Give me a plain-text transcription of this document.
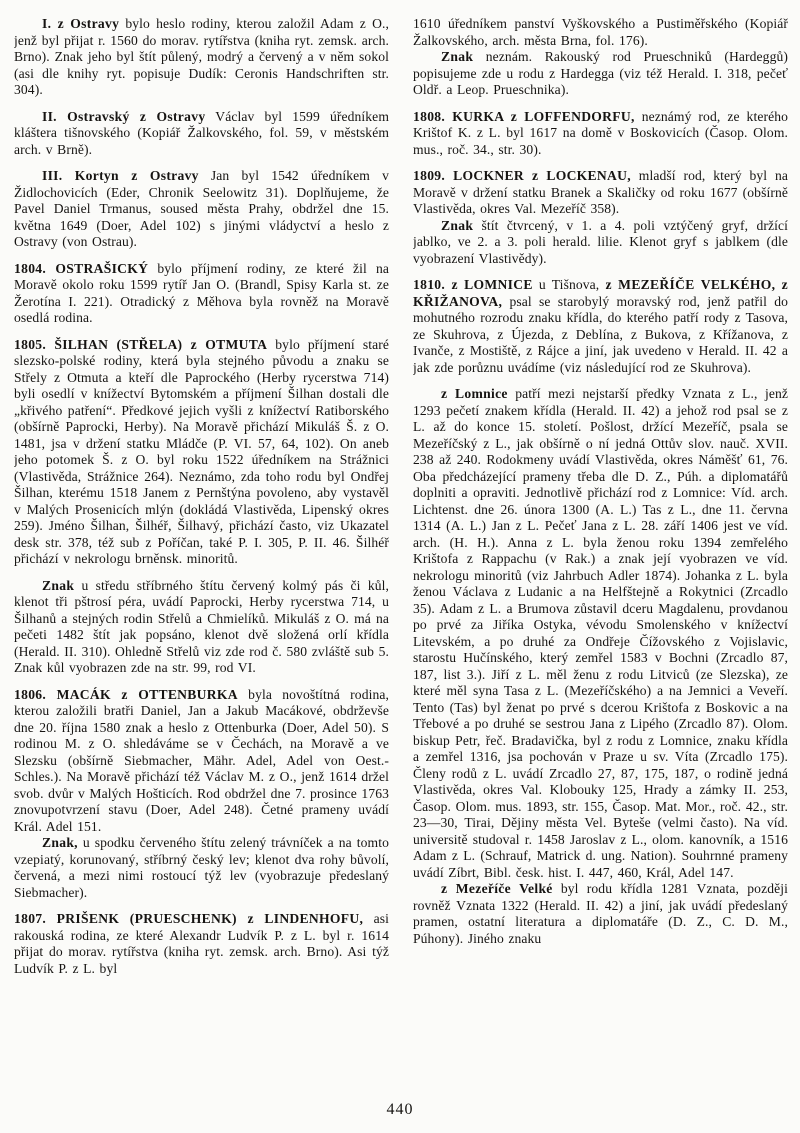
I. z Ostravy bylo heslo rodiny, kterou založil Adam z O., jenž byl přijat r. 1560 do morav. rytířstva (kniha ryt. zemsk. arch. Brno). Znak jeho byl štít půlený, modrý a červený a v něm sokol (asi dle knihy ryt. popisuje Dudík: Ceronis Handschriften str. 304).

II. Ostravský z Ostravy Václav byl 1599 úředníkem kláštera tišnovského (Kopiář Žalkovského, fol. 59, v městském arch. v Brně).

III. Kortyn z Ostravy Jan byl 1542 úředníkem v Židlochovicích (Eder, Chronik Seelowitz 31). Doplňujeme, že Pavel Daniel Trmanus, soused města Prahy, obdržel dne 15. května 1649 (Doer, Adel 102) s jinými vládyctví a heslo z Ostravy (von Ostrau).

1804. OSTRAŠICKÝ bylo příjmení rodiny, ze které žil na Moravě okolo roku 1599 rytíř Jan O. (Brandl, Spisy Karla st. ze Žerotína I. 221). Otradický z Měhova byla rovněž na Moravě osedlá rodina.

1805. ŠILHAN (STŘELA) z OTMUTA bylo příjmení staré slezsko-polské rodiny, která byla stejného původu a znaku se Střely z Otmuta a kteří dle Paprockého (Herby rycerstwa 714) byli osedlí v knížectví Bytomském a příjmení Šilhan dostali dle „křivého patření“. Předkové jejich vyšli z knížectví Ratiborského (obšírně Paprocki, Herby). Na Moravě přichází Mikuláš Š. z O. 1481, jsa v držení statku Mládče (P. VI. 57, 64, 102). On aneb jeho potomek Š. z O. byl roku 1522 úředníkem na Strážnici (Vlastivěda, Strážnice 264). Neznámo, zda toho rodu byl Ondřej Šilhan, kterému 1518 Janem z Pernštýna povoleno, aby vystavěl v Malých Prosenicích mlýn (dokládá Vlastivěda, Lipenský okres 259). Jméno Šilhan, Šilhéř, Šilhavý, přichází často, viz Ukazatel desk str. 378, též sub z Poříčan, také P. I. 305, P. II. 46. Šilhéř přichází v nekrologu brněnsk. minoritů.

Znak u středu stříbrného štítu červený kolmý pás či kůl, klenot tři pštrosí péra, uvádí Paprocki, Herby rycerstwa 714, u Šilhanů a stejných rodin Střelů a Chmielíků. Mikuláš z O. má na pečeti 1482 štít jak popsáno, klenot dvě složená orlí křídla (Herald. II. 310). Ohledně Střelů viz zde rod č. 580 zvláště sub 5. Znak kůl vyobrazen zde na str. 99, rod VI.

1806. MACÁK z OTTENBURKA byla novoštítná rodina, kterou založili bratři Daniel, Jan a Jakub Macákové, obdrževše dne 20. října 1580 znak a heslo z Ottenburka (Doer, Adel 50). S rodinou M. z O. shledáváme se v Čechách, na Moravě a ve Slezsku (obšírně Siebmacher, Mähr. Adel, Adel von Oest.-Schles.). Na Moravě přichází též Václav M. z O., jenž 1614 držel svob. dvůr v Malých Hošticích. Rod obdržel dne 7. prosince 1763 znovupotvrzení stavu (Doer, Adel 248). Četné prameny uvádí Král. Adel 151.

Znak, u spodku červeného štítu zelený trávníček a na tomto vzepiatý, korunovaný, stříbrný český lev; klenot dva rohy bůvolí, červená, a mezi nimi rostoucí týž lev (vyobrazuje předeslaný Siebmacher).

1807. PRIŠENK (PRUESCHENK) z LINDENHOFU, asi rakouská rodina, ze které Alexandr Ludvík P. z L. byl r. 1614 přijat do morav. rytířstva (kniha ryt. zemsk. arch. Brno). Asi týž Ludvík P. z L. byl

1610 úředníkem panství Vyškovského a Pustiměřského (Kopiář Žalkovského, arch. města Brna, fol. 176).

Znak neznám. Rakouský rod Prueschniků (Hardeggů) popisujeme zde u rodu z Hardegga (viz též Herald. I. 318, pečeť Oldř. a Leop. Prueschnika).

1808. KURKA z LOFFENDORFU, neznámý rod, ze kterého Krištof K. z L. byl 1617 na domě v Boskovicích (Časop. Olom. mus., roč. 34., str. 30).

1809. LOCKNER z LOCKENAU, mladší rod, který byl na Moravě v držení statku Branek a Skaličky od roku 1677 (obšírně Vlastivěda, okres Val. Mezeříč 358).

Znak štít čtvrcený, v 1. a 4. poli vztýčený gryf, držící jablko, ve 2. a 3. poli herald. lilie. Klenot gryf s jablkem (dle vyobrazení Vlastivědy).

1810. z LOMNICE u Tišnova, z MEZEŘÍČE VELKÉHO, z KŘIŽANOVA, psal se starobylý moravský rod, jenž patřil do mohutného rozrodu znaku křídla, do kterého patří rody z Tasova, ze Skuhrova, z Újezda, z Deblína, z Bukova, z Křížanova, z Ivanče, z Mostiště, z Rájce a jiní, jak uvedeno v Herald. II. 42 a jak zde porůznu uvádíme (viz následující rod ze Skuhrova).

z Lomnice patří mezi nejstarší předky Vznata z L., jenž 1293 pečetí znakem křídla (Herald. II. 42) a jehož rod psal se z L. až do konce 15. století. Pošlost, držící Mezeříč, psala se Mezeříčský z L., jak obšírně o ní jedná Ottův slov. nauč. XVII. 238 až 240. Rodokmeny uvádí Vlastivěda, okres Náměšť 61, 76. Oba předcházející prameny třeba dle D. Z., Púh. a diplomatářů doplniti a opraviti. Jednotlivě přichází rod z Lomnice: Víd. arch. Lichtenst. dne 26. února 1300 (A. L.) Tas z L., dne 11. června 1314 (A. L.) Jan z L. Pečeť Jana z L. 28. září 1406 jest ve víd. arch. (H. H.). Anna z L. byla ženou roku 1394 zemřelého Krištofa z Rappachu (v Rak.) a znak její vyobrazen ve víd. nekrologu minoritů (viz Jahrbuch Adler 1874). Johanka z L. byla ženou Václava z Ludanic a na Helfštejně a Rokytnici (Zrcadlo 35). Adam z L. a Brumova zůstavil dceru Magdalenu, provdanou po prvé za Jiříka Ostyka, vévodu Smolenského v knížectví Litevském, a po druhé za Ondřeje Čížovského z Vojislavic, starostu Hučínského, který zemřel 1583 v Bochni (Zrcadlo 87, 187, list 3.). Jiří z L. měl ženu z rodu Litviců (ze Slezska), ze které měl syna Tasa z L. (Mezeříčského) a na Jemnici a Veveří. Tento (Tas) byl ženat po prvé s dcerou Krištofa z Boskovic a na Třebové a po druhé se sestrou Jana z Lipého (Zrcadlo 87). Olom. biskup Petr, řeč. Bradavička, byl z rodu z Lomnice, znaku křídla a zemřel 1316, jsa pochován v Praze u sv. Víta (Zrcadlo 175). Členy rodů z L. uvádí Zrcadlo 27, 87, 175, 187, o rodině jedná Vlastivěda, okres Val. Klobouky 125, Hrady a zámky II. 253, Časop. Olom. mus. 1893, str. 155, Časop. Mat. Mor., roč. 42., str. 23—30, Tirai, Dějiny města Vel. Byteše (velmi často). Na víd. universitě studoval r. 1458 Jaroslav z L., olom. kanovník, a 1516 Adam z L. (Schrauf, Matrick d. ung. Nation). Souhrnné prameny uvádí Zíbrt, Bibl. česk. hist. I. 447, 460, Král, Adel 147.

z Mezeříče Velké byl rodu křídla 1281 Vznata, později rovněž Vznata 1322 (Herald. II. 42) a jiní, jak uvádí předeslaný pramen, ostatní literatura a diplomatáře (D. Z., C. D. M., Púhony). Jiného znaku

440
